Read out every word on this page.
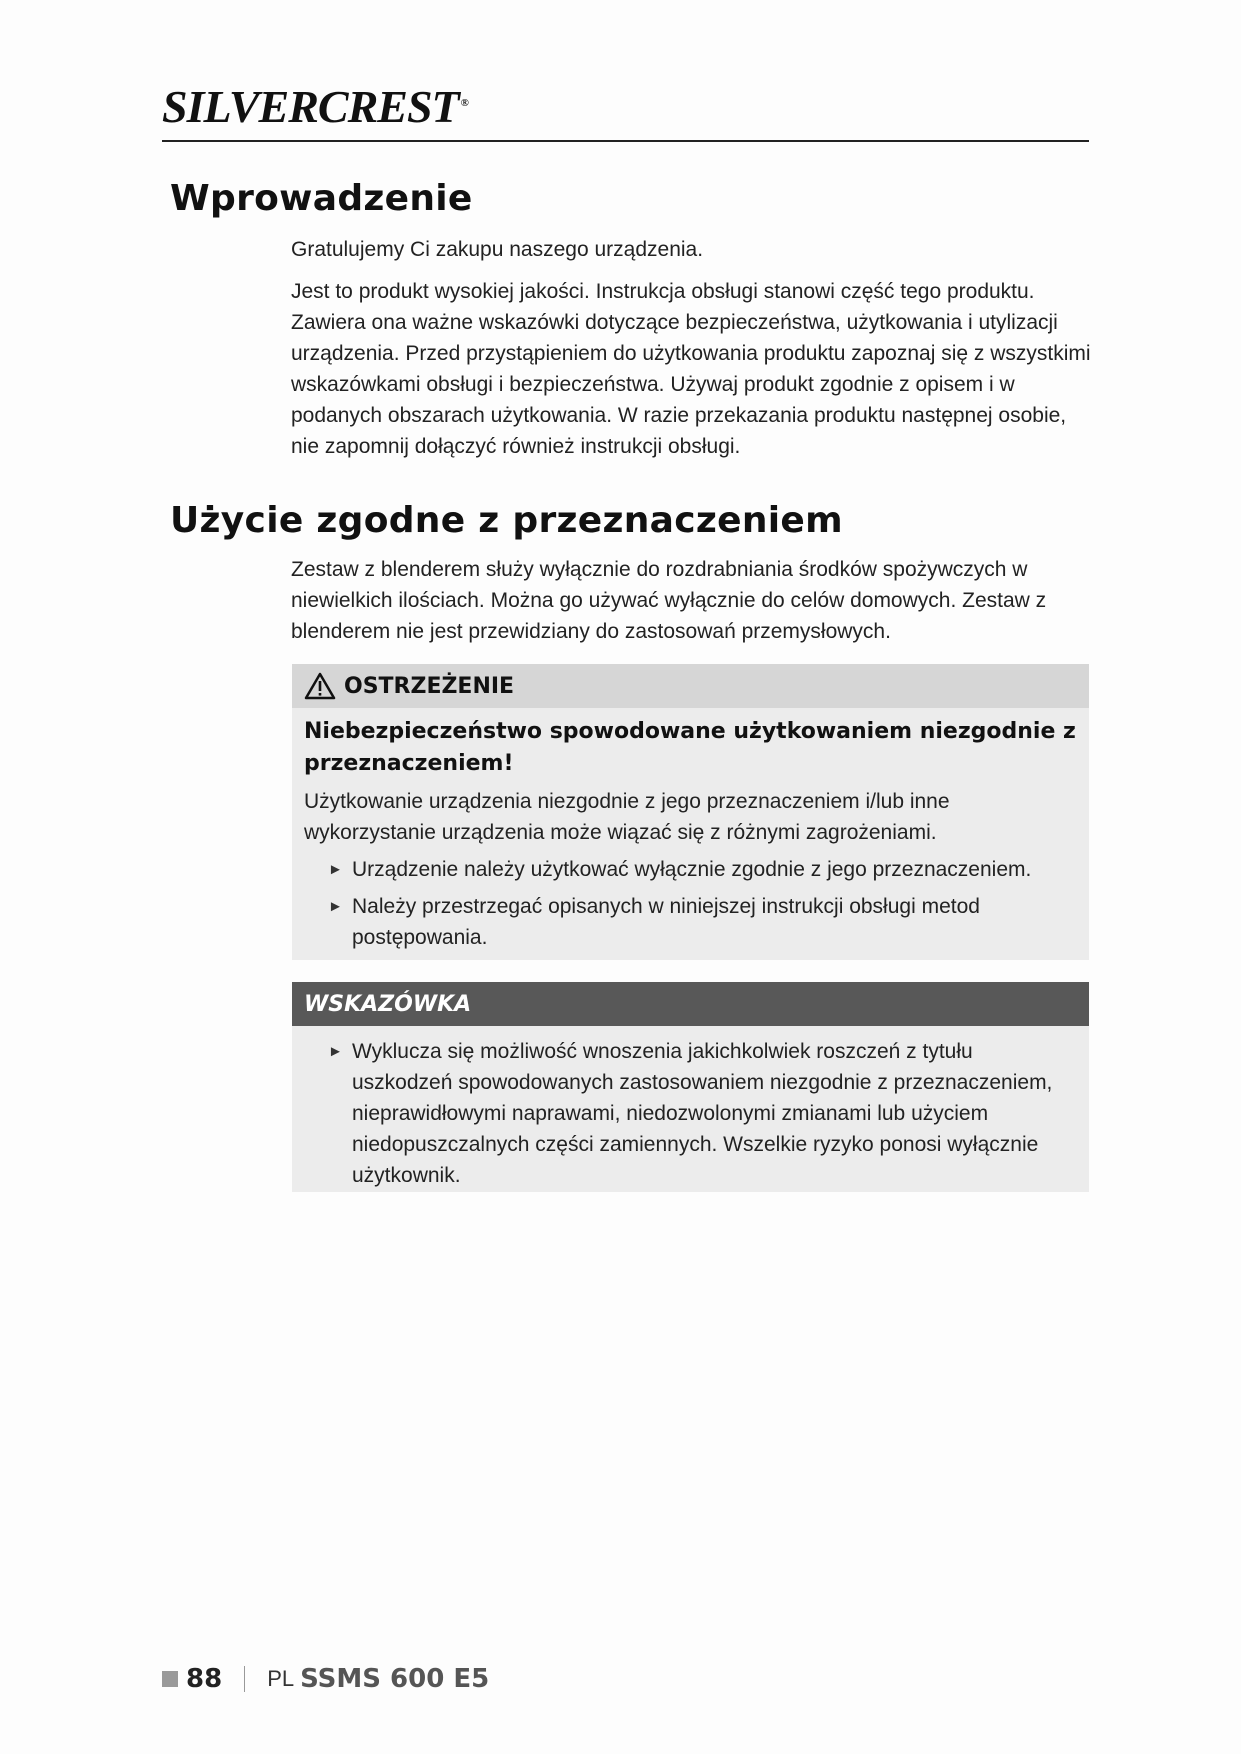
SILVERCREST ®
Wprowadzenie

Gratulujemy Ci zakupu naszego urządzenia.

Jest to produkt wysokiej jakości. Instrukcja obsługi stanowi część tego produktu. Zawiera ona ważne wskazówki dotyczące bezpieczeństwa, użytkowania i utylizacji urządzenia. Przed przystąpieniem do użytkowania produktu zapoznaj się z wszystkimi wskazówkami obsługi i bezpieczeństwa. Używaj produkt zgodnie z opisem i w podanych obszarach użytkowania. W razie przekazania produktu następnej osobie, nie zapomnij dołączyć również instrukcji obsługi.

Użycie zgodne z przeznaczeniem

Zestaw z blenderem służy wyłącznie do rozdrabniania środków spożywczych w niewielkich ilościach. Można go używać wyłącznie do celów domowych. Zestaw z blenderem nie jest przewidziany do zastosowań przemysłowych.

OSTRZEŻENIE

Niebezpieczeństwo spowodowane użytkowaniem niezgodnie z przeznaczeniem!

Użytkowanie urządzenia niezgodnie z jego przeznaczeniem i/lub inne wykorzystanie urządzenia może wiązać się z różnymi zagrożeniami.

► Urządzenie należy użytkować wyłącznie zgodnie z jego przeznaczeniem.
► Należy przestrzegać opisanych w niniejszej instrukcji obsługi metod postępowania.
WSKAZÓWKA
► Wyklucza się możliwość wnoszenia jakichkolwiek roszczeń z tytułu uszkodzeń spowodowanych zastosowaniem niezgodnie z przeznaczeniem, nieprawidłowymi naprawami, niedozwolonymi zmianami lub użyciem niedopuszczalnych części zamiennych. Wszelkie ryzyko ponosi wyłącznie użytkownik.
88 PL SSMS 600 E5
